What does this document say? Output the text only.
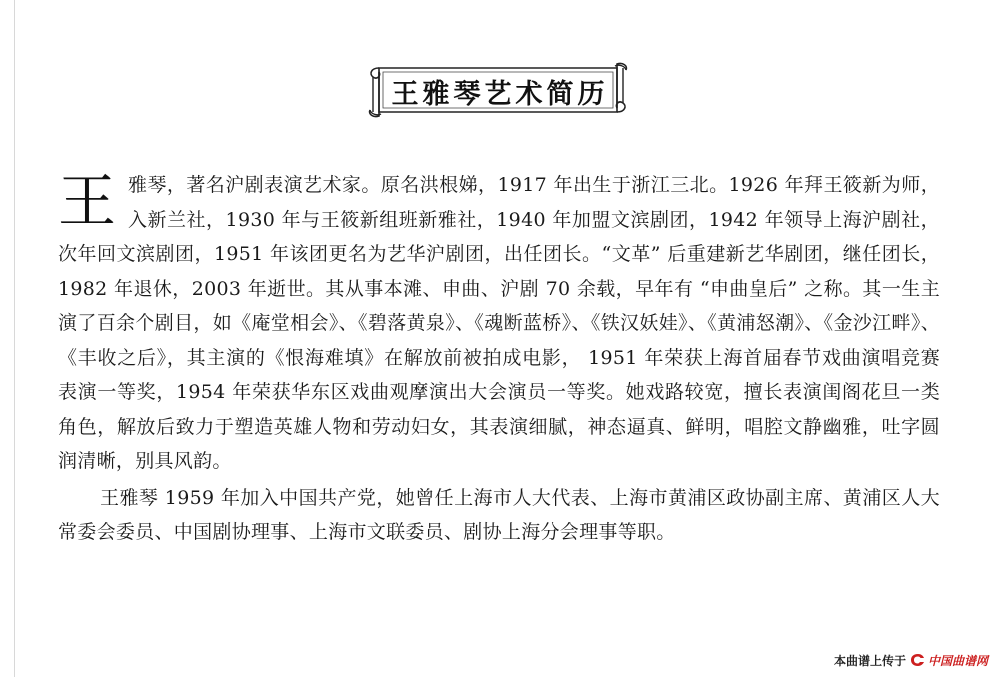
王雅琴艺术简历

王雅琴，著名沪剧表演艺术家。原名洪根娣，1917 年出生于浙江三北。1926 年拜王筱新为师，入新兰社，1930 年与王筱新组班新雅社，1940 年加盟文滨剧团，1942 年领导上海沪剧社，次年回文滨剧团，1951 年该团更名为艺华沪剧团，出任团长。“文革” 后重建新艺华剧团，继任团长，1982 年退休，2003 年逝世。其从事本滩、申曲、沪剧 70 余载，早年有 “申曲皇后” 之称。其一生主演了百余个剧目，如《庵堂相会》、《碧落黄泉》、《魂断蓝桥》、《铁汉妖娃》、《黄浦怒潮》、《金沙江畔》、《丰收之后》，其主演的《恨海难填》在解放前被拍成电影， 1951 年荣获上海首届春节戏曲演唱竞赛表演一等奖，1954 年荣获华东区戏曲观摩演出大会演员一等奖。她戏路较宽，擅长表演闺阁花旦一类角色，解放后致力于塑造英雄人物和劳动妇女，其表演细腻，神态逼真、鲜明，唱腔文静幽雅，吐字圆润清晰，别具风韵。

王雅琴 1959 年加入中国共产党，她曾任上海市人大代表、上海市黄浦区政协副主席、黄浦区人大常委会委员、中国剧协理事、上海市文联委员、剧协上海分会理事等职。

本曲谱上传于 中国曲谱网
